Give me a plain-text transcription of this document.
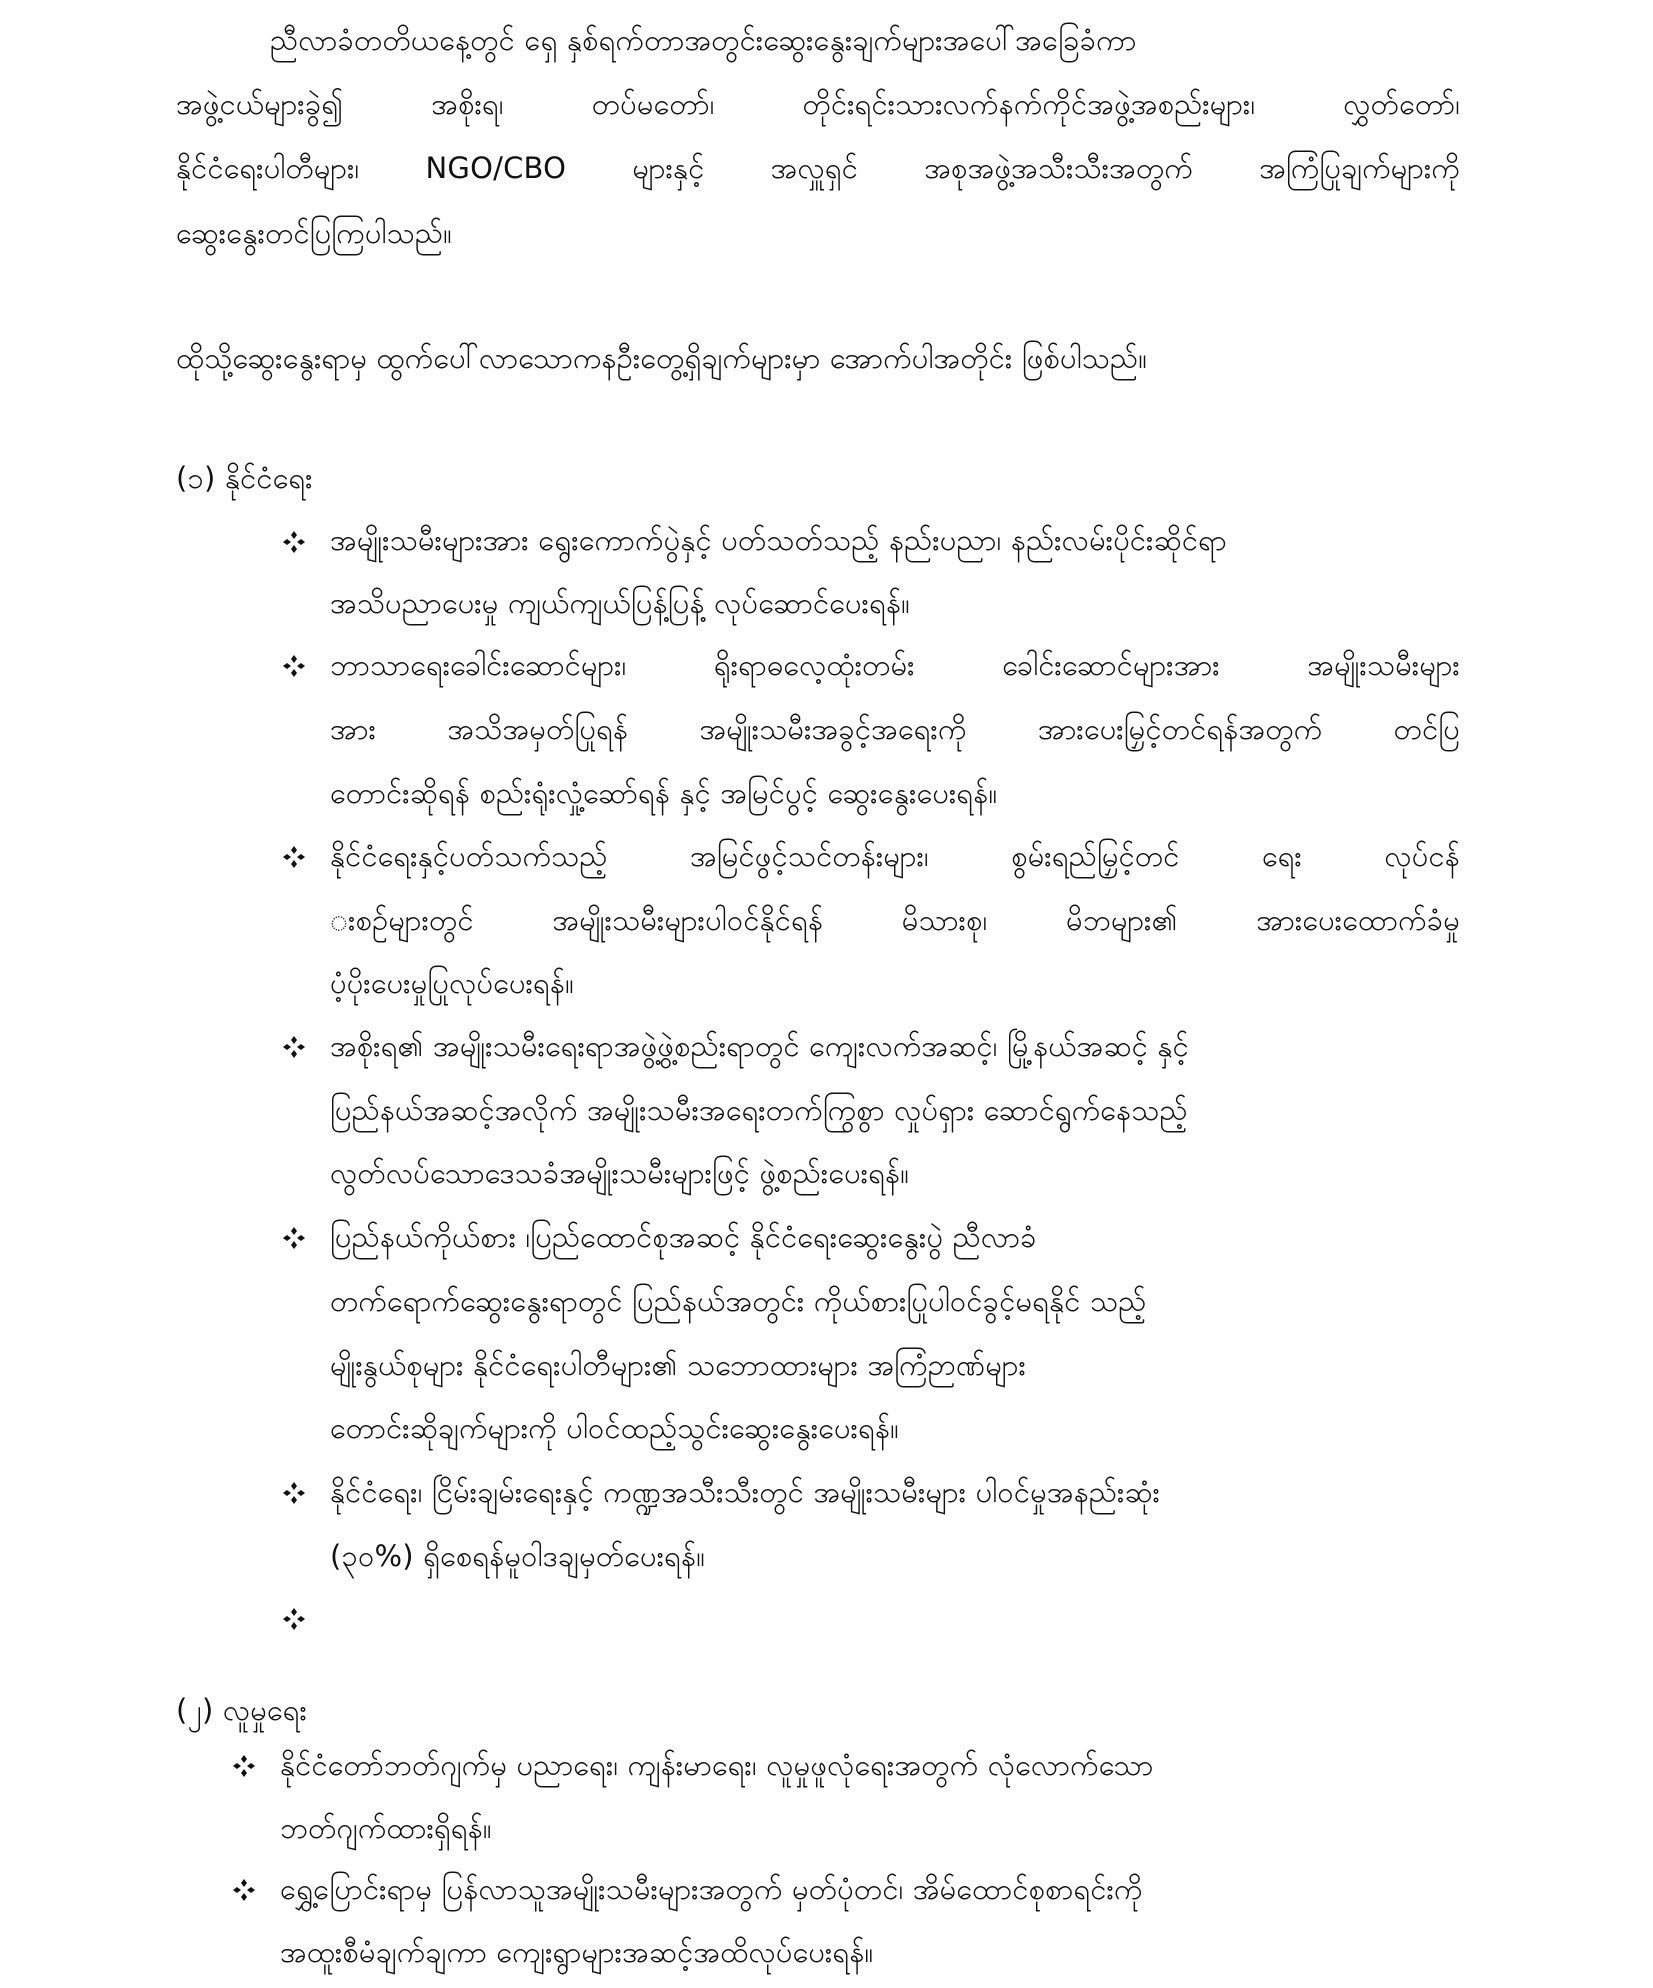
ညီလာခံတတိယနေ့တွင် ရှေ နှစ်ရက်တာအတွင်းဆွေးနွေးချက်များအပေါ်အခြေခံကာ
အဖွဲ့ငယ်များခွဲ၍ အစိုးရ၊ တပ်မတော်၊ တိုင်းရင်းသားလက်နက်ကိုင်အဖွဲ့အစည်းများ၊ လွှတ်တော်၊
နိုင်ငံရေးပါတီများ၊ NGO/CBO များနှင့် အလှူရှင် အစုအဖွဲ့အသီးသီးအတွက် အကြံပြုချက်များကို
ဆွေးနွေးတင်ပြကြပါသည်။
ထိုသို့ဆွေးနွေးရာမှ ထွက်ပေါ်လာသောကနဦးတွေ့ရှိချက်များမှာ အောက်ပါအတိုင်း ဖြစ်ပါသည်။
(၁) နိုင်ငံရေး
အမျိုးသမီးများအား ရွေးကောက်ပွဲနှင့် ပတ်သတ်သည့် နည်းပညာ၊ နည်းလမ်းပိုင်းဆိုင်ရာ
အသိပညာပေးမှု ကျယ်ကျယ်ပြန့်ပြန့် လုပ်ဆောင်ပေးရန်။
ဘာသာရေးခေါင်းဆောင်များ၊ ရိုးရာဓလေ့ထုံးတမ်း ခေါင်းဆောင်များအား အမျိုးသမီးများ
အား အသိအမှတ်ပြုရန် အမျိုးသမီးအခွင့်အရေးကို အားပေးမြှင့်တင်ရန်အတွက် တင်ပြ
တောင်းဆိုရန် စည်းရုံးလှုံ့ဆော်ရန် နှင့် အမြင်ပွင့် ဆွေးနွေးပေးရန်။
နိုင်ငံရေးနှင့်ပတ်သက်သည့် အမြင်ဖွင့်သင်တန်းများ၊ စွမ်းရည်မြှင့်တင် ရေး လုပ်ငန်
းစဉ်များတွင် အမျိုးသမီးများပါဝင်နိုင်ရန် မိသားစု၊ မိဘများ၏ အားပေးထောက်ခံမှု
ပံ့ပိုးပေးမှုပြုလုပ်ပေးရန်။
အစိုးရ၏ အမျိုးသမီးရေးရာအဖွဲ့ဖွဲ့စည်းရာတွင် ကျေးလက်အဆင့်၊ မြို့နယ်အဆင့် နှင့်
ပြည်နယ်အဆင့်အလိုက် အမျိုးသမီးအရေးတက်ကြွစွာ လှုပ်ရှား ဆောင်ရွက်နေသည့်
လွတ်လပ်သောဒေသခံအမျိုးသမီးများဖြင့် ဖွဲ့စည်းပေးရန်။
ပြည်နယ်ကိုယ်စား ၊ပြည်ထောင်စုအဆင့် နိုင်ငံရေးဆွေးနွေးပွဲ ညီလာခံ
တက်ရောက်ဆွေးနွေးရာတွင် ပြည်နယ်အတွင်း ကိုယ်စားပြုပါဝင်ခွင့်မရနိုင် သည့်
မျိုးနွယ်စုများ နိုင်ငံရေးပါတီများ၏ သဘောထားများ အကြံဉာဏ်များ
တောင်းဆိုချက်များကို ပါဝင်ထည့်သွင်းဆွေးနွေးပေးရန်။
နိုင်ငံရေး၊ ငြိမ်းချမ်းရေးနှင့် ကဏ္ဍအသီးသီးတွင် အမျိုးသမီးများ ပါဝင်မှုအနည်းဆုံး
(၃၀%) ရှိစေရန်မူဝါဒချမှတ်ပေးရန်။
(၂) လူမှုရေး
နိုင်ငံတော်ဘတ်ဂျက်မှ ပညာရေး၊ ကျန်းမာရေး၊ လူမှုဖူလုံရေးအတွက် လုံလောက်သော
ဘတ်ဂျက်ထားရှိရန်။
ရွှေ့ပြောင်းရာမှ ပြန်လာသူအမျိုးသမီးများအတွက် မှတ်ပုံတင်၊ အိမ်ထောင်စုစာရင်းကို
အထူးစီမံချက်ချကာ ကျေးရွာများအဆင့်အထိလုပ်ပေးရန်။
